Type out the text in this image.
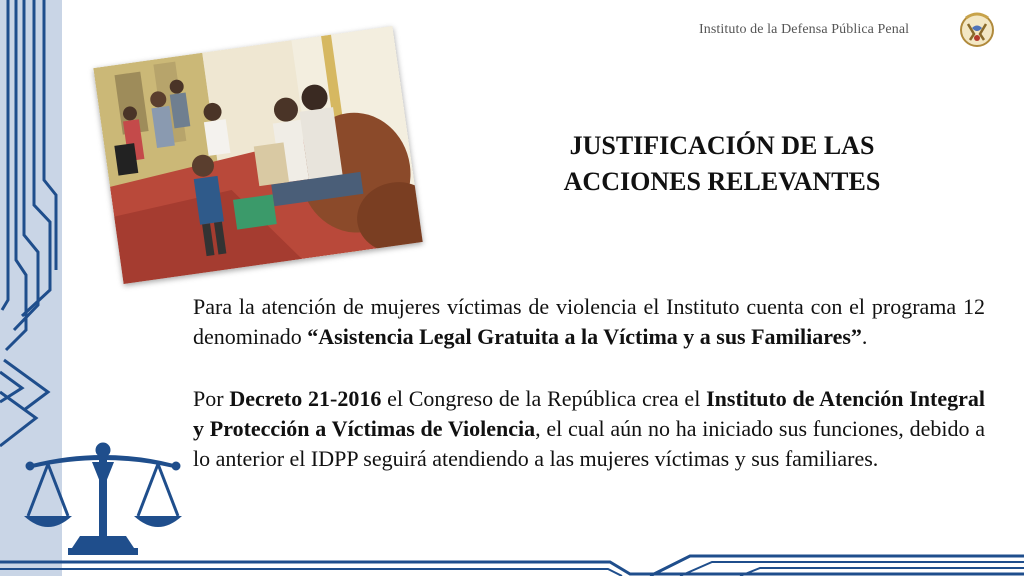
Instituto de la Defensa Pública Penal
JUSTIFICACIÓN DE LAS
ACCIONES RELEVANTES

Para la atención de mujeres víctimas de violencia el Instituto cuenta con el programa 12 denominado “Asistencia Legal Gratuita a la Víctima y a sus Familiares”.

Por Decreto 21-2016 el Congreso de la República crea el Instituto de Atención Integral y Protección a Víctimas de Violencia, el cual aún no ha iniciado sus funciones, debido a lo anterior el IDPP seguirá atendiendo a las mujeres víctimas y sus familiares.
